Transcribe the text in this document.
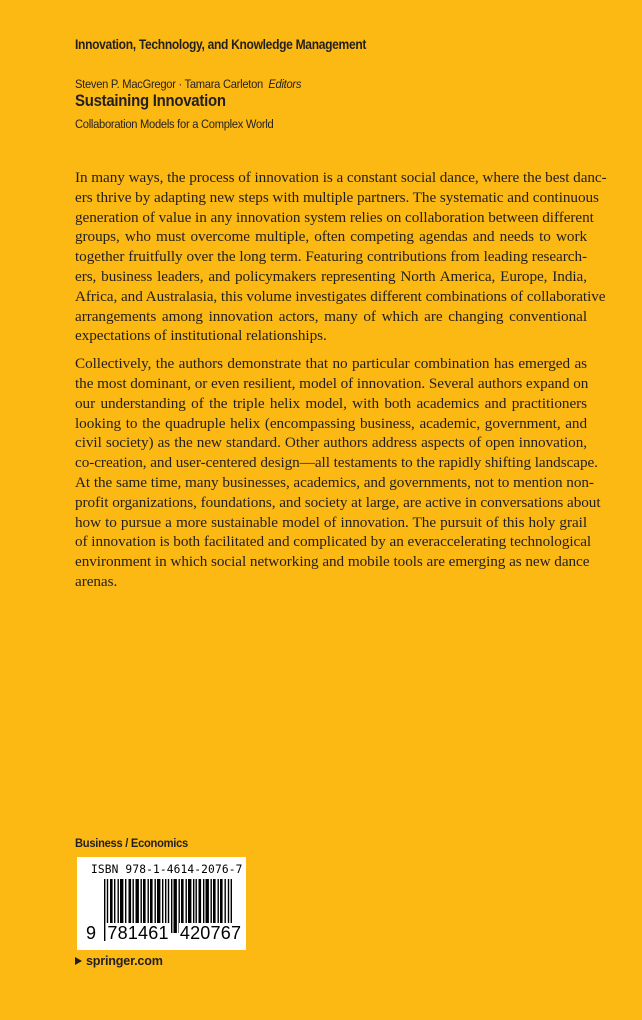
Innovation, Technology, and Knowledge Management
Steven P. MacGregor · Tamara Carleton Editors
Sustaining Innovation
Collaboration Models for a Complex World

In many ways, the process of innovation is a constant social dance, where the best danc-
ers thrive by adapting new steps with multiple partners. The systematic and continuous
generation of value in any innovation system relies on collaboration between different
groups, who must overcome multiple, often competing agendas and needs to work
together fruitfully over the long term. Featuring contributions from leading research-
ers, business leaders, and policymakers representing North America, Europe, India,
Africa, and Australasia, this volume investigates different combinations of collaborative
arrangements among innovation actors, many of which are changing conventional
expectations of institutional relationships.

Collectively, the authors demonstrate that no particular combination has emerged as
the most dominant, or even resilient, model of innovation. Several authors expand on
our understanding of the triple helix model, with both academics and practitioners
looking to the quadruple helix (encompassing business, academic, government, and
civil society) as the new standard. Other authors address aspects of open innovation,
co-creation, and user-centered design—all testaments to the rapidly shifting landscape.
At the same time, many businesses, academics, and governments, not to mention non-
profit organizations, foundations, and society at large, are active in conversations about
how to pursue a more sustainable model of innovation. The pursuit of this holy grail
of innovation is both facilitated and complicated by an everaccelerating technological
environment in which social networking and mobile tools are emerging as new dance
arenas.

Business / Economics
ISBN 978-1-4614-2076-7
9 781461 420767
springer.com
